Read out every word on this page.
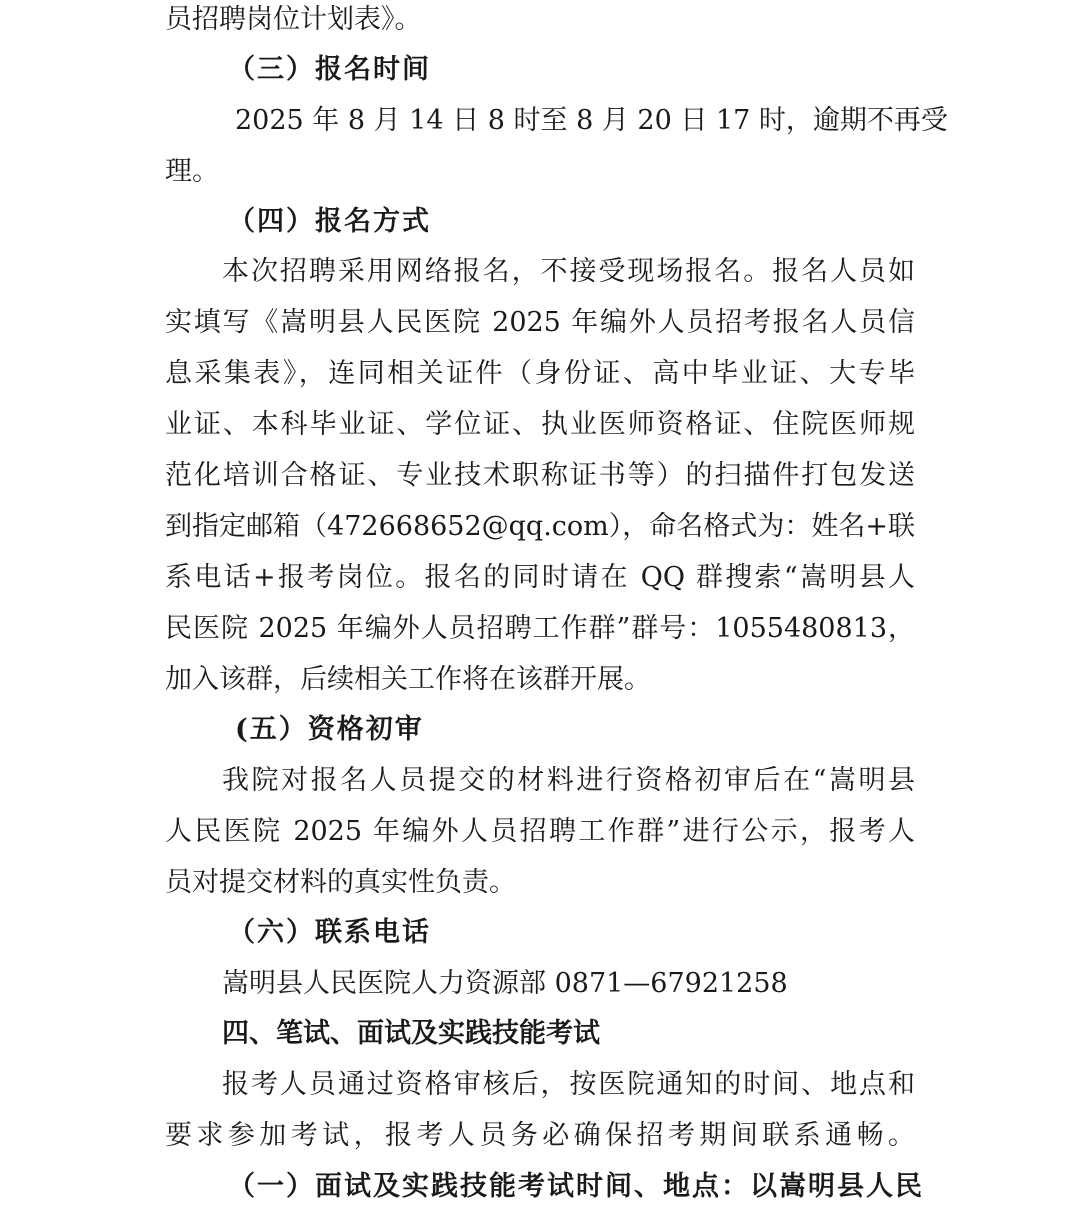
员招聘岗位计划表》。
（三）报名时间
2025 年 8 月 14 日 8 时至 8 月 20 日 17 时，逾期不再受
理。
（四）报名方式
本次招聘采用网络报名，不接受现场报名。报名人员如
实填写《嵩明县人民医院 2025 年编外人员招考报名人员信
息采集表》，连同相关证件（身份证、高中毕业证、大专毕
业证、本科毕业证、学位证、执业医师资格证、住院医师规
范化培训合格证、专业技术职称证书等）的扫描件打包发送
到指定邮箱（472668652@qq.com），命名格式为：姓名+联
系电话+报考岗位。报名的同时请在 QQ 群搜索“嵩明县人
民医院 2025 年编外人员招聘工作群”群号：1055480813，
加入该群，后续相关工作将在该群开展。
(五）资格初审
我院对报名人员提交的材料进行资格初审后在“嵩明县
人民医院 2025 年编外人员招聘工作群”进行公示，报考人
员对提交材料的真实性负责。
（六）联系电话
嵩明县人民医院人力资源部 0871—67921258
四、笔试、面试及实践技能考试
报考人员通过资格审核后，按医院通知的时间、地点和
要求参加考试，报考人员务必确保招考期间联系通畅。
（一）面试及实践技能考试时间、地点：以嵩明县人民
